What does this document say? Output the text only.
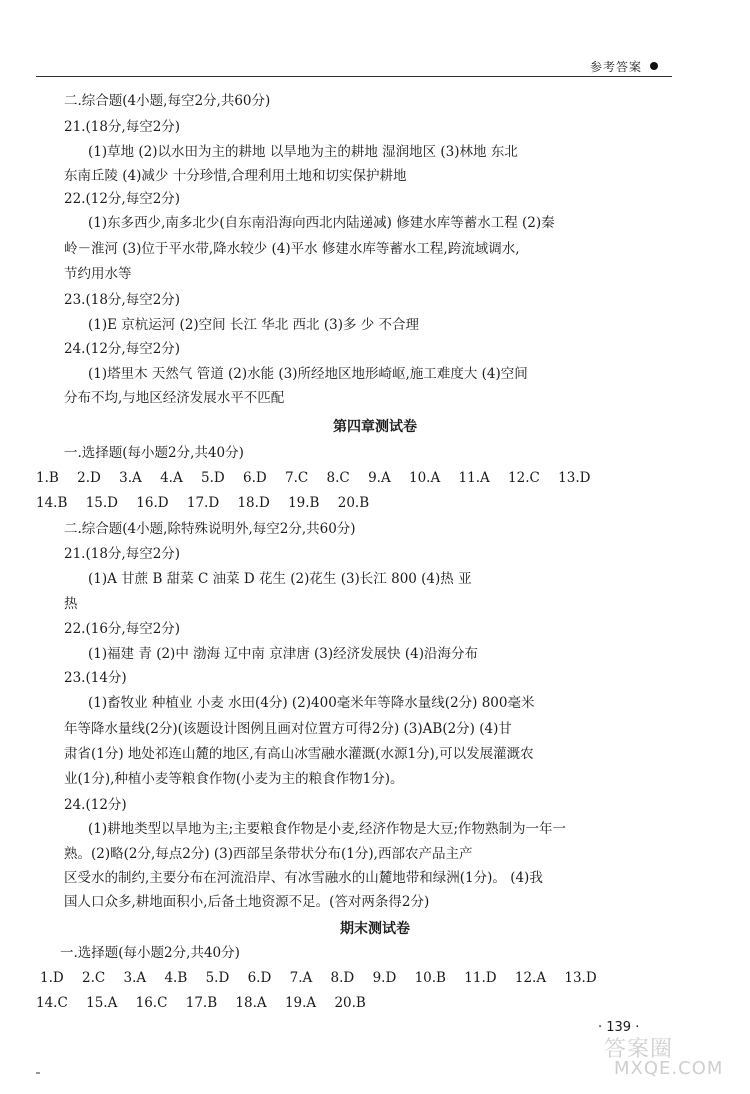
参考答案
二.综合题(4小题,每空2分,共60分)
21.(18分,每空2分)
(1)草地 (2)以水田为主的耕地 以旱地为主的耕地 湿润地区 (3)林地 东北
东南丘陵 (4)减少 十分珍惜,合理利用土地和切实保护耕地
22.(12分,每空2分)
(1)东多西少,南多北少(自东南沿海向西北内陆递减) 修建水库等蓄水工程 (2)秦
岭－淮河 (3)位于平水带,降水较少 (4)平水 修建水库等蓄水工程,跨流域调水,
节约用水等
23.(18分,每空2分)
(1)E 京杭运河 (2)空间 长江 华北 西北 (3)多 少 不合理
24.(12分,每空2分)
(1)塔里木 天然气 管道 (2)水能 (3)所经地区地形崎岖,施工难度大 (4)空间
分布不均,与地区经济发展水平不匹配
第四章测试卷
一.选择题(每小题2分,共40分)
1.B 2.D 3.A 4.A 5.D 6.D 7.C 8.C 9.A 10.A 11.A 12.C 13.D
14.B 15.D 16.D 17.D 18.D 19.B 20.B
二.综合题(4小题,除特殊说明外,每空2分,共60分)
21.(18分,每空2分)
(1)A 甘蔗 B 甜菜 C 油菜 D 花生 (2)花生 (3)长江 800 (4)热 亚
热
22.(16分,每空2分)
(1)福建 青 (2)中 渤海 辽中南 京津唐 (3)经济发展快 (4)沿海分布
23.(14分)
(1)畜牧业 种植业 小麦 水田(4分) (2)400毫米年等降水量线(2分) 800毫米
年等降水量线(2分)(该题设计图例且画对位置方可得2分) (3)AB(2分) (4)甘
肃省(1分) 地处祁连山麓的地区,有高山冰雪融水灌溉(水源1分),可以发展灌溉农
业(1分),种植小麦等粮食作物(小麦为主的粮食作物1分)。
24.(12分)
(1)耕地类型以旱地为主;主要粮食作物是小麦,经济作物是大豆;作物熟制为一年一
熟。(2)略(2分,每点2分) (3)西部呈条带状分布(1分),西部农产品主产
区受水的制约,主要分布在河流沿岸、有冰雪融水的山麓地带和绿洲(1分)。 (4)我
国人口众多,耕地面积小,后备土地资源不足。(答对两条得2分)
期末测试卷
一.选择题(每小题2分,共40分)
1.D 2.C 3.A 4.B 5.D 6.D 7.A 8.D 9.D 10.B 11.D 12.A 13.D
14.C 15.A 16.C 17.B 18.A 19.A 20.B
· 139 ·
答案圈
MXQE.COM
